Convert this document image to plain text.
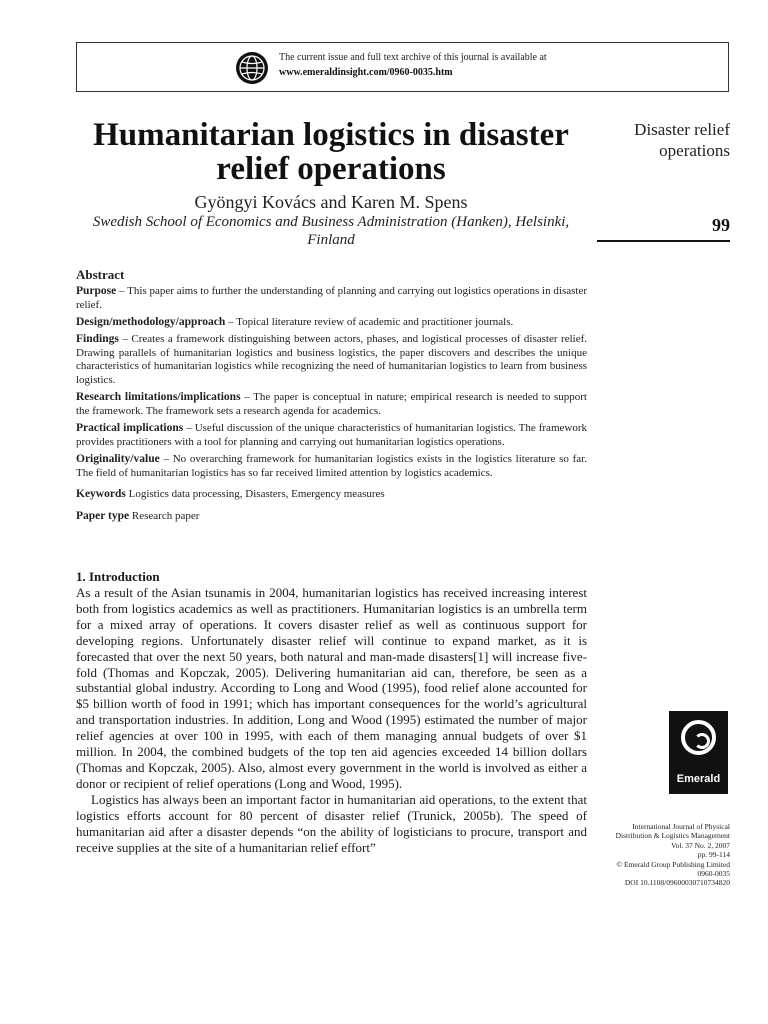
The current issue and full text archive of this journal is available at
www.emeraldinsight.com/0960-0035.htm
Humanitarian logistics in disaster relief operations
Gyöngyi Kovács and Karen M. Spens
Swedish School of Economics and Business Administration (Hanken), Helsinki, Finland
Disaster relief operations
99
Abstract

Purpose – This paper aims to further the understanding of planning and carrying out logistics operations in disaster relief.

Design/methodology/approach – Topical literature review of academic and practitioner journals.

Findings – Creates a framework distinguishing between actors, phases, and logistical processes of disaster relief. Drawing parallels of humanitarian logistics and business logistics, the paper discovers and describes the unique characteristics of humanitarian logistics while recognizing the need of humanitarian logistics to learn from business logistics.

Research limitations/implications – The paper is conceptual in nature; empirical research is needed to support the framework. The framework sets a research agenda for academics.

Practical implications – Useful discussion of the unique characteristics of humanitarian logistics. The framework provides practitioners with a tool for planning and carrying out humanitarian logistics operations.

Originality/value – No overarching framework for humanitarian logistics exists in the logistics literature so far. The field of humanitarian logistics has so far received limited attention by logistics academics.

Keywords Logistics data processing, Disasters, Emergency measures

Paper type Research paper

1. Introduction

As a result of the Asian tsunamis in 2004, humanitarian logistics has received increasing interest both from logistics academics as well as practitioners. Humanitarian logistics is an umbrella term for a mixed array of operations. It covers disaster relief as well as continuous support for developing regions. Unfortunately disaster relief will continue to expand market, as it is forecasted that over the next 50 years, both natural and man-made disasters[1] will increase five-fold (Thomas and Kopczak, 2005). Delivering humanitarian aid can, therefore, be seen as a substantial global industry. According to Long and Wood (1995), food relief alone accounted for $5 billion worth of food in 1991; which has important consequences for the world’s agricultural and transportation industries. In addition, Long and Wood (1995) estimated the number of major relief agencies at over 100 in 1995, with each of them managing annual budgets of over $1 million. In 2004, the combined budgets of the top ten aid agencies exceeded 14 billion dollars (Thomas and Kopczak, 2005). Also, almost every government in the world is involved as either a donor or recipient of relief operations (Long and Wood, 1995).

Logistics has always been an important factor in humanitarian aid operations, to the extent that logistics efforts account for 80 percent of disaster relief (Trunick, 2005b). The speed of humanitarian aid after a disaster depends “on the ability of logisticians to procure, transport and receive supplies at the site of a humanitarian relief effort”

Emerald
International Journal of Physical
Distribution & Logistics Management
Vol. 37 No. 2, 2007
pp. 99-114
© Emerald Group Publishing Limited
0960-0035
DOI 10.1108/09600030710734820
